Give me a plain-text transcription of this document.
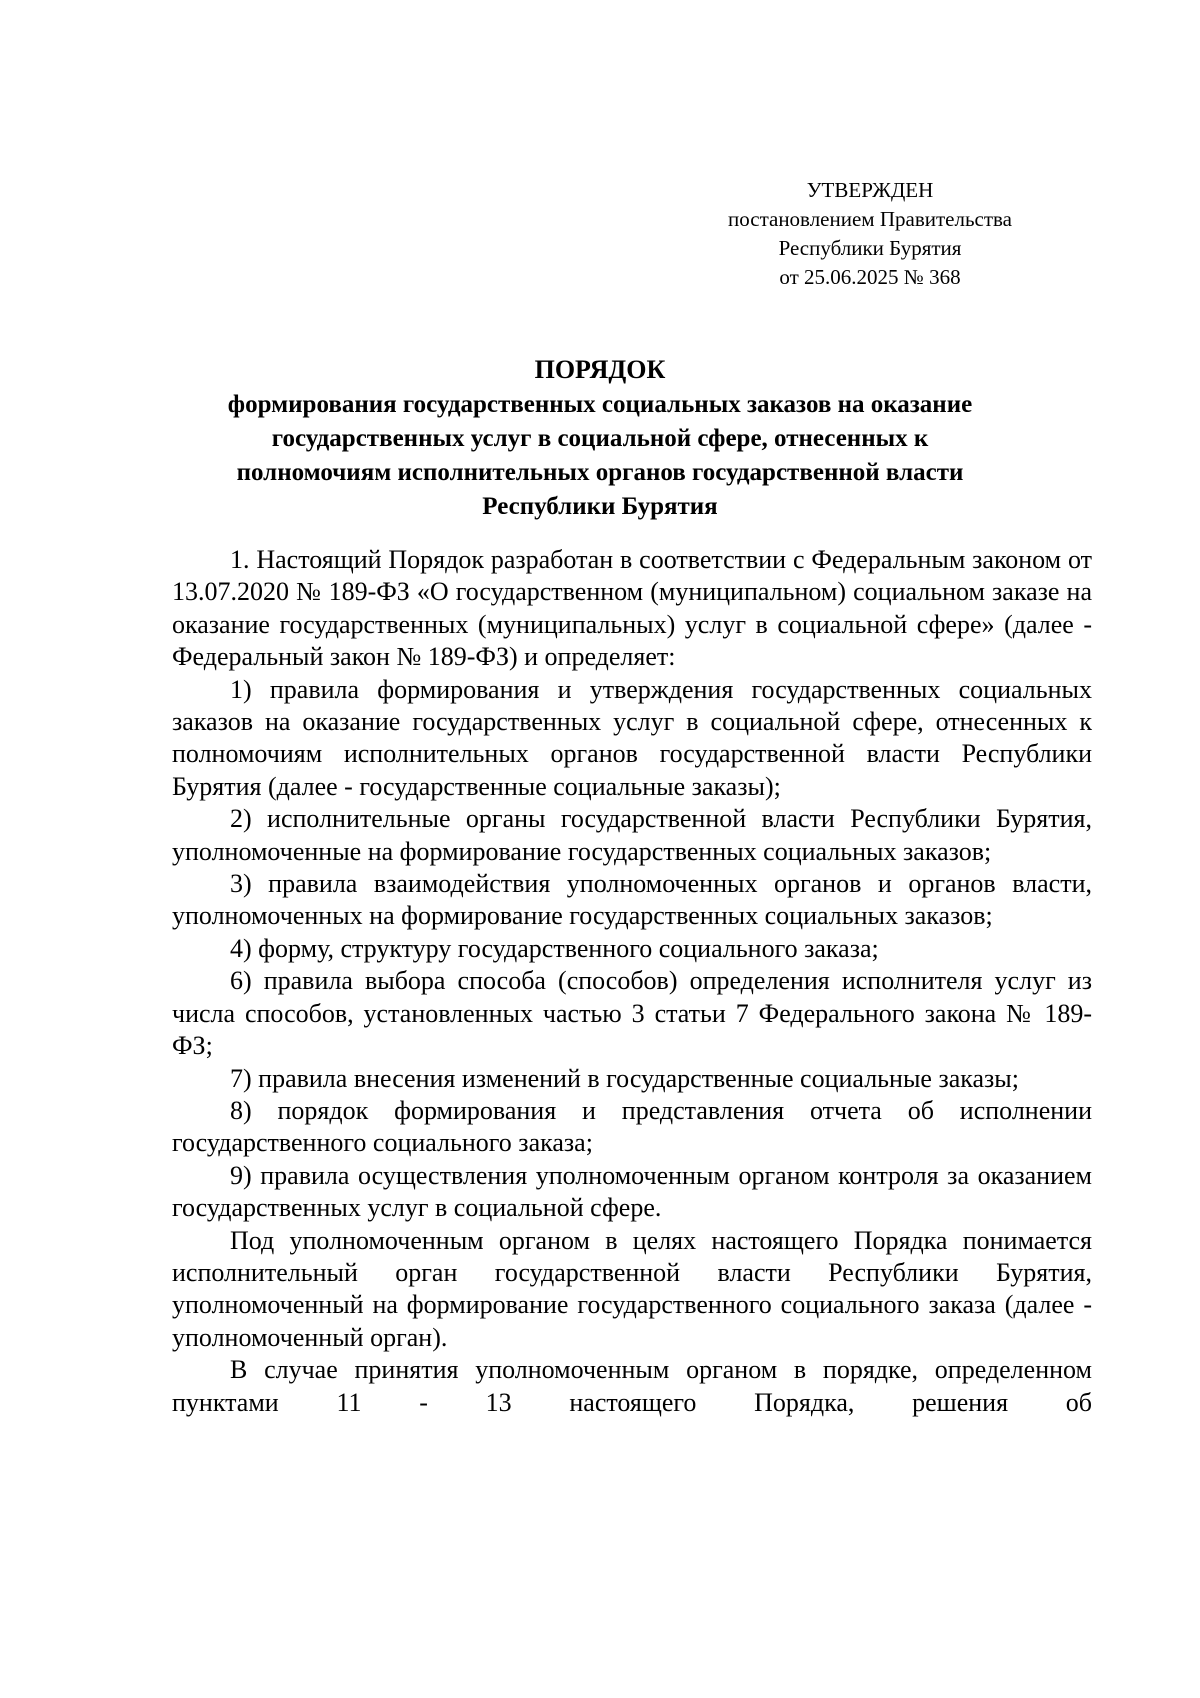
УТВЕРЖДЕН
постановлением Правительства
Республики Бурятия
от 25.06.2025 № 368
ПОРЯДОК
формирования государственных социальных заказов на оказание
государственных услуг в социальной сфере, отнесенных к
полномочиям исполнительных органов государственной власти
Республики Бурятия

1. Настоящий Порядок разработан в соответствии с Федеральным законом от 13.07.2020 № 189-ФЗ «О государственном (муниципальном) социальном заказе на оказание государственных (муниципальных) услуг в социальной сфере» (далее - Федеральный закон № 189-ФЗ) и определяет:

1) правила формирования и утверждения государственных социальных заказов на оказание государственных услуг в социальной сфере, отнесенных к полномочиям исполнительных органов государственной власти Республики Бурятия (далее - государственные социальные заказы);

2) исполнительные органы государственной власти Республики Бурятия, уполномоченные на формирование государственных социальных заказов;

3) правила взаимодействия уполномоченных органов и органов власти, уполномоченных на формирование государственных социальных заказов;

4) форму, структуру государственного социального заказа;

6) правила выбора способа (способов) определения исполнителя услуг из числа способов, установленных частью 3 статьи 7 Федерального закона № 189-ФЗ;

7) правила внесения изменений в государственные социальные заказы;

8) порядок формирования и представления отчета об исполнении государственного социального заказа;

9) правила осуществления уполномоченным органом контроля за оказанием государственных услуг в социальной сфере.

Под уполномоченным органом в целях настоящего Порядка понимается исполнительный орган государственной власти Республики Бурятия, уполномоченный на формирование государственного социального заказа (далее - уполномоченный орган).

В случае принятия уполномоченным органом в порядке, определенном пунктами 11 - 13 настоящего Порядка, решения об
